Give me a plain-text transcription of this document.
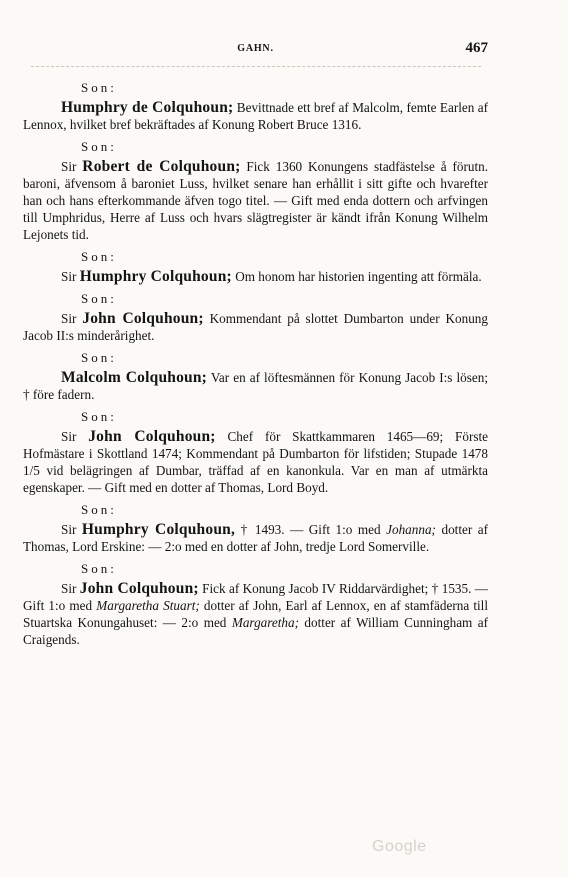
GAHN.	467

Son:

Humphry de Colquhoun; Bevittnade ett bref af Malcolm, femte Earlen af Lennox, hvilket bref bekräftades af Konung Robert Bruce 1316.

Son:

Sir Robert de Colquhoun; Fick 1360 Konungens stadfästelse å förutn. baroni, äfvensom å baroniet Luss, hvilket senare han erhållit i sitt gifte och hvarefter han och hans efterkommande äfven togo titel. — Gift med enda dottern och arfvingen till Umphridus, Herre af Luss och hvars slägtregister är kändt ifrån Konung Wilhelm Lejonets tid.

Son:

Sir Humphry Colquhoun; Om honom har historien ingenting att förmäla.

Son:

Sir John Colquhoun; Kommendant på slottet Dumbarton under Konung Jacob II:s minderårighet.

Son:

Malcolm Colquhoun; Var en af löftesmännen för Konung Jacob I:s lösen; † före fadern.

Son:

Sir John Colquhoun; Chef för Skattkammaren 1465—69; Förste Hofmästare i Skottland 1474; Kommendant på Dumbarton för lifstiden; Stupade 1478 1/5 vid belägringen af Dumbar, träffad af en kanonkula. Var en man af utmärkta egenskaper. — Gift med en dotter af Thomas, Lord Boyd.

Son:

Sir Humphry Colquhoun, † 1493. — Gift 1:o med Johanna; dotter af Thomas, Lord Erskine: — 2:o med en dotter af John, tredje Lord Somerville.

Son:

Sir John Colquhoun; Fick af Konung Jacob IV Riddarvärdighet; † 1535. — Gift 1:o med Margaretha Stuart; dotter af John, Earl af Lennox, en af stamfäderna till Stuartska Konungahuset: — 2:o med Margaretha; dotter af William Cunningham af Craigends.

Google
